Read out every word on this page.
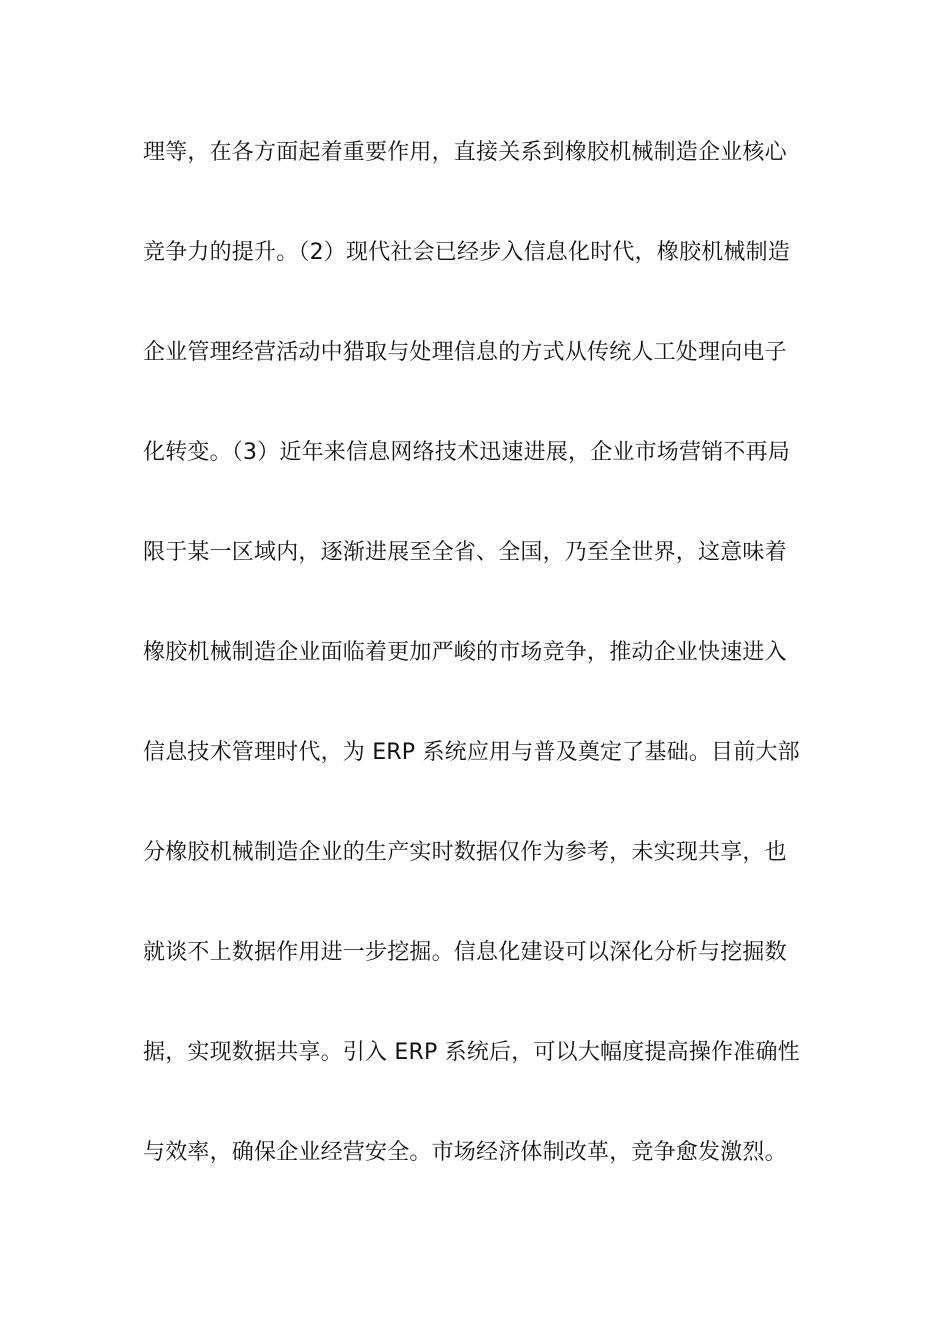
理等，在各方面起着重要作用，直接关系到橡胶机械制造企业核心
竞争力的提升。（2）现代社会已经步入信息化时代，橡胶机械制造
企业管理经营活动中猎取与处理信息的方式从传统人工处理向电子
化转变。（3）近年来信息网络技术迅速进展，企业市场营销不再局
限于某一区域内，逐渐进展至全省、全国，乃至全世界，这意味着
橡胶机械制造企业面临着更加严峻的市场竞争，推动企业快速进入
信息技术管理时代，为 ERP 系统应用与普及奠定了基础。目前大部
分橡胶机械制造企业的生产实时数据仅作为参考，未实现共享，也
就谈不上数据作用进一步挖掘。信息化建设可以深化分析与挖掘数
据，实现数据共享。引入 ERP 系统后，可以大幅度提高操作准确性
与效率，确保企业经营安全。市场经济体制改革，竞争愈发激烈。
